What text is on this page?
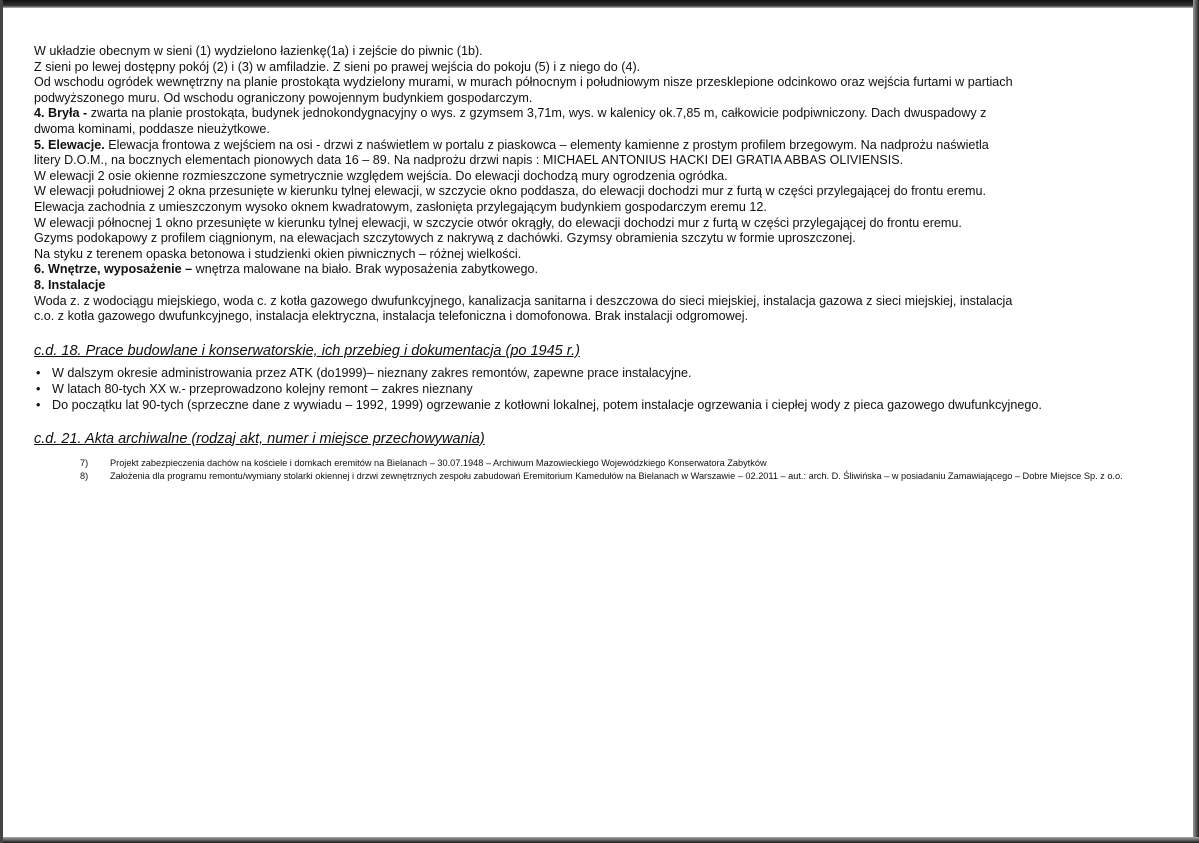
W układzie obecnym w sieni (1) wydzielono łazienkę(1a) i zejście do piwnic (1b).
Z sieni po lewej dostępny pokój (2) i (3) w amfiladzie. Z sieni po prawej wejścia do pokoju (5) i z niego do (4).
Od wschodu ogródek wewnętrzny na planie prostokąta wydzielony murami, w murach północnym i południowym nisze przesklepione odcinkowo oraz wejścia furtami w partiach
podwyższonego muru. Od wschodu ograniczony powojennym budynkiem gospodarczym.
4. Bryła - zwarta na planie prostokąta, budynek jednokondygnacyjny o wys. z gzymsem 3,71m, wys. w kalenicy ok.7,85 m, całkowicie podpiwniczony. Dach dwuspadowy z
dwoma kominami, poddasze nieużytkowe.
5. Elewacje. Elewacja frontowa z wejściem na osi - drzwi z naświetlem w portalu z piaskowca – elementy kamienne z prostym profilem brzegowym. Na nadprożu naświetla
litery D.O.M., na bocznych elementach pionowych data 16 – 89. Na nadprożu drzwi napis : MICHAEL ANTONIUS HACKI DEI GRATIA ABBAS OLIVIENSIS.
W elewacji 2 osie okienne rozmieszczone symetrycznie względem wejścia. Do elewacji dochodzą mury ogrodzenia ogródka.
W elewacji południowej 2 okna przesunięte w kierunku tylnej elewacji, w szczycie okno poddasza, do elewacji dochodzi mur z furtą w części przylegającej do frontu eremu.
Elewacja zachodnia z umieszczonym wysoko oknem kwadratowym, zasłonięta przylegającym budynkiem gospodarczym eremu 12.
W elewacji północnej 1 okno przesunięte w kierunku tylnej elewacji, w szczycie otwór okrągły, do elewacji dochodzi mur z furtą w części przylegającej do frontu eremu.
Gzyms podokapowy z profilem ciągnionym, na elewacjach szczytowych z nakrywą z dachówki. Gzymsy obramienia szczytu w formie uproszczonej.
Na styku z terenem opaska betonowa i studzienki okien piwnicznych – różnej wielkości.
6. Wnętrze, wyposażenie – wnętrza malowane na biało. Brak wyposażenia zabytkowego.
8. Instalacje
Woda z. z wodociągu miejskiego, woda c. z kotła gazowego dwufunkcyjnego, kanalizacja sanitarna i deszczowa do sieci miejskiej, instalacja gazowa z sieci miejskiej, instalacja
c.o. z kotła gazowego dwufunkcyjnego, instalacja elektryczna, instalacja telefoniczna i domofonowa. Brak instalacji odgromowej.
c.d. 18. Prace budowlane i konserwatorskie, ich przebieg i dokumentacja (po 1945 r.)
• W dalszym okresie administrowania przez ATK (do1999)– nieznany zakres remontów, zapewne prace instalacyjne.
• W latach 80-tych XX w.- przeprowadzono kolejny remont – zakres nieznany
• Do początku lat 90-tych (sprzeczne dane z wywiadu – 1992, 1999) ogrzewanie z kotłowni lokalnej, potem instalacje ogrzewania i ciepłej wody z pieca gazowego dwufunkcyjnego.
c.d. 21. Akta archiwalne (rodzaj akt, numer i miejsce przechowywania)
7)	Projekt zabezpieczenia dachów na kościele i domkach eremitów na Bielanach – 30.07.1948 – Archiwum Mazowieckiego Wojewódzkiego Konserwatora Zabytków
8)	Założenia dla programu remontu/wymiany stolarki okiennej i drzwi zewnętrznych zespołu zabudowań Eremitorium Kamedułów na Bielanach w Warszawie – 02.2011 – aut.: arch. D. Śliwińska – w posiadaniu Zamawiającego – Dobre Miejsce Sp. z o.o.
